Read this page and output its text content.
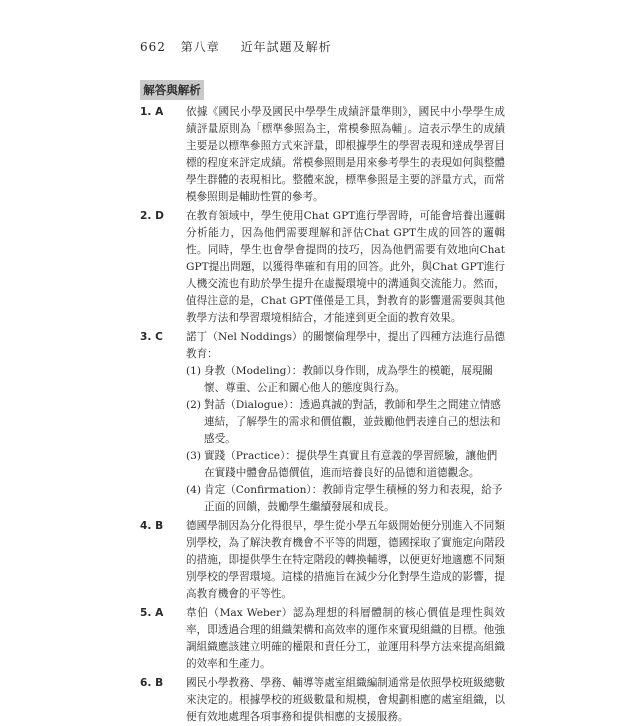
662 第八章 近年試題及解析
解答與解析
1. A	依據《國民小學及國民中學學生成績評量準則》，國民中小學學生成績評量原則為「標準參照為主，常模參照為輔」。這表示學生的成績主要是以標準參照方式來評量，即根據學生的學習表現和達成學習目標的程度來評定成績。常模參照則是用來參考學生的表現如何與整體學生群體的表現相比。整體來說，標準參照是主要的評量方式，而常模參照則是輔助性質的參考。
2. D	在教育領域中，學生使用Chat GPT進行學習時，可能會培養出邏輯分析能力，因為他們需要理解和評估Chat GPT生成的回答的邏輯性。同時，學生也會學會提問的技巧，因為他們需要有效地向Chat GPT提出問題，以獲得準確和有用的回答。此外，與Chat GPT進行人機交流也有助於學生提升在虛擬環境中的溝通與交流能力。然而，值得注意的是，Chat GPT僅僅是工具，對教育的影響還需要與其他教學方法和學習環境相結合，才能達到更全面的教育效果。
3. C	諾丁（Nel Noddings）的關懷倫理學中，提出了四種方法進行品德教育：
(1) 身教（Modeling）：教師以身作則，成為學生的模範，展現關懷、尊重、公正和關心他人的態度與行為。
(2) 對話（Dialogue）：透過真誠的對話，教師和學生之間建立情感連結，了解學生的需求和價值觀，並鼓勵他們表達自己的想法和感受。
(3) 實踐（Practice）：提供學生真實且有意義的學習經驗，讓他們在實踐中體會品德價值，進而培養良好的品德和道德觀念。
(4) 肯定（Confirmation）：教師肯定學生積極的努力和表現，給予正面的回饋，鼓勵學生繼續發展和成長。
4. B	德國學制因為分化得很早，學生從小學五年級開始便分別進入不同類別學校，為了解決教育機會不平等的問題，德國採取了實施定向階段的措施，即提供學生在特定階段的轉換輔導，以便更好地適應不同類別學校的學習環境。這樣的措施旨在減少分化對學生造成的影響，提高教育機會的平等性。
5. A	韋伯（Max Weber）認為理想的科層體制的核心價值是理性與效率，即透過合理的組織架構和高效率的運作來實現組織的目標。他強調組織應該建立明確的權限和責任分工，並運用科學方法來提高組織的效率和生產力。
6. B	國民小學教務、學務、輔導等處室組織編制通常是依照學校班級總數來決定的。根據學校的班級數量和規模，會規劃相應的處室組織，以便有效地處理各項事務和提供相應的支援服務。
